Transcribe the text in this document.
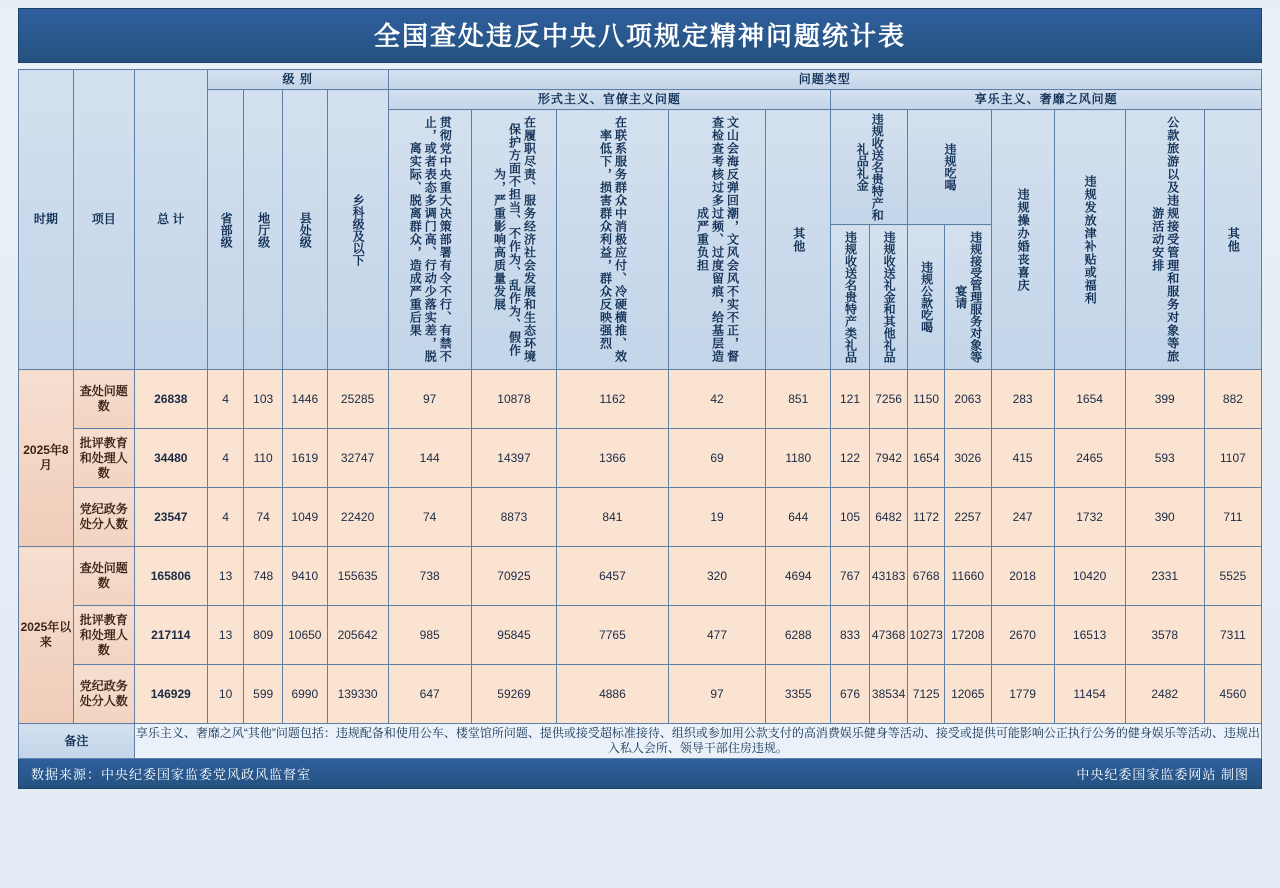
全国查处违反中央八项规定精神问题统计表
时期	项目	总 计	级 别				问题类型												
			省部级	地厅级	县处级	乡科级及以下	形式主义、官僚主义问题					享乐主义、奢靡之风问题							
							贯彻党中央重大决策部署有令不行、有禁不止，或者表态多调门高、行动少落实差，脱离实际、脱离群众，造成严重后果	在履职尽责、服务经济社会发展和生态环境保护方面不担当、不作为、乱作为、假作为，严重影响高质量发展	在联系服务群众中消极应付、冷硬横推、效率低下，损害群众利益，群众反映强烈	文山会海反弹回潮，文风会风不实不正，督查检查考核过多过频、过度留痕，给基层造成严重负担	其他	违规收送名贵特产和礼品礼金		违规吃喝		违规操办婚丧喜庆	违规发放津补贴或福利	公款旅游以及违规接受管理和服务对象等旅游活动安排	其他
												违规收送名贵特产类礼品	违规收送礼金和其他礼品	违规公款吃喝	违规接受管理服务对象等宴请				
2025年8月	查处问题数	26838	4	103	1446	25285	97	10878	1162	42	851	121	7256	1150	2063	283	1654	399	882
	批评教育和处理人数	34480	4	110	1619	32747	144	14397	1366	69	1180	122	7942	1654	3026	415	2465	593	1107
	党纪政务处分人数	23547	4	74	1049	22420	74	8873	841	19	644	105	6482	1172	2257	247	1732	390	711
2025年以来	查处问题数	165806	13	748	9410	155635	738	70925	6457	320	4694	767	43183	6768	11660	2018	10420	2331	5525
	批评教育和处理人数	217114	13	809	10650	205642	985	95845	7765	477	6288	833	47368	10273	17208	2670	16513	3578	7311
	党纪政务处分人数	146929	10	599	6990	139330	647	59269	4886	97	3355	676	38534	7125	12065	1779	11454	2482	4560
备注		享乐主义、奢靡之风“其他”问题包括：违规配备和使用公车、楼堂馆所问题、提供或接受超标准接待、组织或参加用公款支付的高消费娱乐健身等活动、接受或提供可能影响公正执行公务的健身娱乐等活动、违规出入私人会所、领导干部住房违规。																	
数据来源：中央纪委国家监委党风政风监督室	中央纪委国家监委网站 制图
